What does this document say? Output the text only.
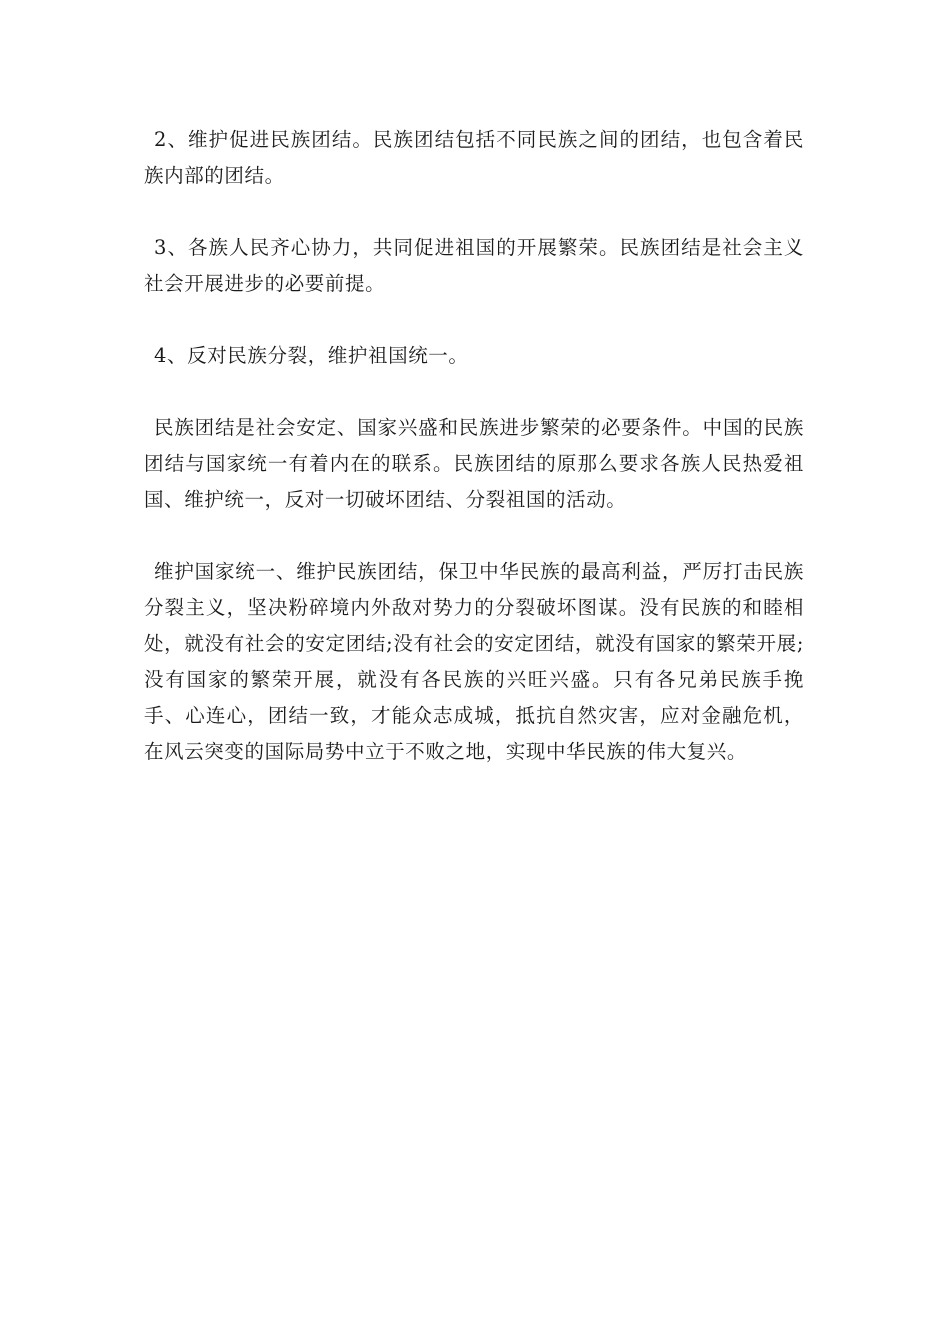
2、维护促进民族团结。民族团结包括不同民族之间的团结，也包含着民族内部的团结。

3、各族人民齐心协力，共同促进祖国的开展繁荣。民族团结是社会主义社会开展进步的必要前提。

4、反对民族分裂，维护祖国统一。

民族团结是社会安定、国家兴盛和民族进步繁荣的必要条件。中国的民族团结与国家统一有着内在的联系。民族团结的原那么要求各族人民热爱祖国、维护统一，反对一切破坏团结、分裂祖国的活动。

维护国家统一、维护民族团结，保卫中华民族的最高利益，严厉打击民族分裂主义，坚决粉碎境内外敌对势力的分裂破坏图谋。没有民族的和睦相处，就没有社会的安定团结;没有社会的安定团结，就没有国家的繁荣开展;没有国家的繁荣开展，就没有各民族的兴旺兴盛。只有各兄弟民族手挽手、心连心，团结一致，才能众志成城，抵抗自然灾害，应对金融危机，在风云突变的国际局势中立于不败之地，实现中华民族的伟大复兴。
